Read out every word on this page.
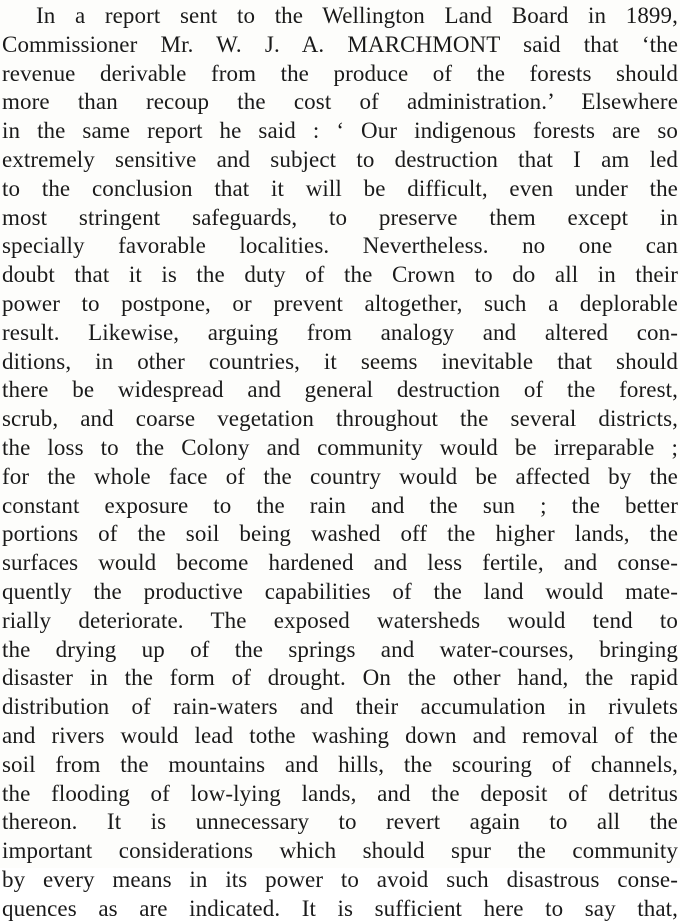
In a report sent to the Wellington Land Board in 1899,
Commissioner Mr. W. J. A. MARCHMONT said that ‘the
revenue derivable from the produce of the forests should
more than recoup the cost of administration.’ Elsewhere
in the same report he said : ‘ Our indigenous forests are so
extremely sensitive and subject to destruction that I am led
to the conclusion that it will be difficult, even under the
most stringent safeguards, to preserve them except in
specially favorable localities. Nevertheless. no one can
doubt that it is the duty of the Crown to do all in their
power to postpone, or prevent altogether, such a deplorable
result. Likewise, arguing from analogy and altered con-
ditions, in other countries, it seems inevitable that should
there be widespread and general destruction of the forest,
scrub, and coarse vegetation throughout the several districts,
the loss to the Colony and community would be irreparable ;
for the whole face of the country would be affected by the
constant exposure to the rain and the sun ; the better
portions of the soil being washed off the higher lands, the
surfaces would become hardened and less fertile, and conse-
quently the productive capabilities of the land would mate-
rially deteriorate. The exposed watersheds would tend to
the drying up of the springs and water-courses, bringing
disaster in the form of drought. On the other hand, the rapid
distribution of rain-waters and their accumulation in rivulets
and rivers would lead tothe washing down and removal of the
soil from the mountains and hills, the scouring of channels,
the flooding of low-lying lands, and the deposit of detritus
thereon. It is unnecessary to revert again to all the
important considerations which should spur the community
by every means in its power to avoid such disastrous conse-
quences as are indicated. It is sufficient here to say that,
